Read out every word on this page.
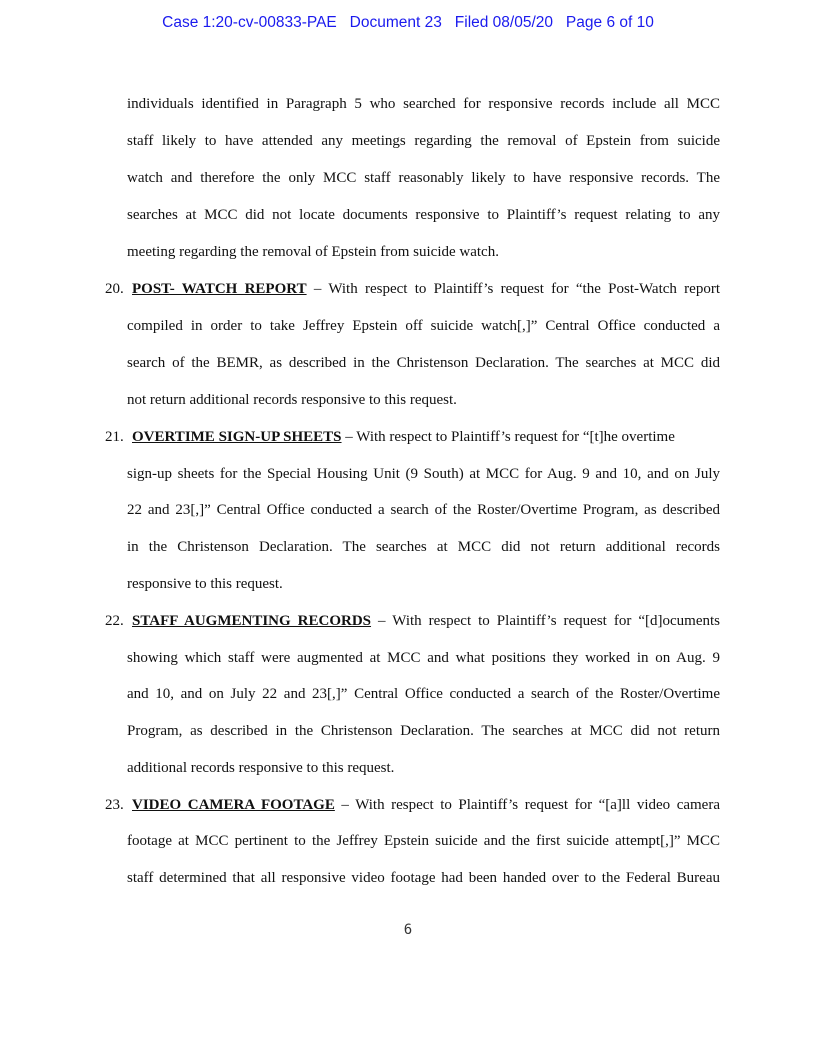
Case 1:20-cv-00833-PAE   Document 23   Filed 08/05/20   Page 6 of 10
individuals identified in Paragraph 5 who searched for responsive records include all MCC
staff likely to have attended any meetings regarding the removal of Epstein from suicide
watch and therefore the only MCC staff reasonably likely to have responsive records. The
searches at MCC did not locate documents responsive to Plaintiff’s request relating to any
meeting regarding the removal of Epstein from suicide watch.
20. POST- WATCH REPORT – With respect to Plaintiff’s request for “the Post-Watch report
compiled in order to take Jeffrey Epstein off suicide watch[,]” Central Office conducted a
search of the BEMR, as described in the Christenson Declaration. The searches at MCC did
not return additional records responsive to this request.
21. OVERTIME SIGN-UP SHEETS – With respect to Plaintiff’s request for “[t]he overtime
sign-up sheets for the Special Housing Unit (9 South) at MCC for Aug. 9 and 10, and on July
22 and 23[,]” Central Office conducted a search of the Roster/Overtime Program, as described
in the Christenson Declaration. The searches at MCC did not return additional records
responsive to this request.
22. STAFF AUGMENTING RECORDS – With respect to Plaintiff’s request for “[d]ocuments
showing which staff were augmented at MCC and what positions they worked in on Aug. 9
and 10, and on July 22 and 23[,]” Central Office conducted a search of the Roster/Overtime
Program, as described in the Christenson Declaration. The searches at MCC did not return
additional records responsive to this request.
23. VIDEO CAMERA FOOTAGE – With respect to Plaintiff’s request for “[a]ll video camera
footage at MCC pertinent to the Jeffrey Epstein suicide and the first suicide attempt[,]” MCC
staff determined that all responsive video footage had been handed over to the Federal Bureau
6
